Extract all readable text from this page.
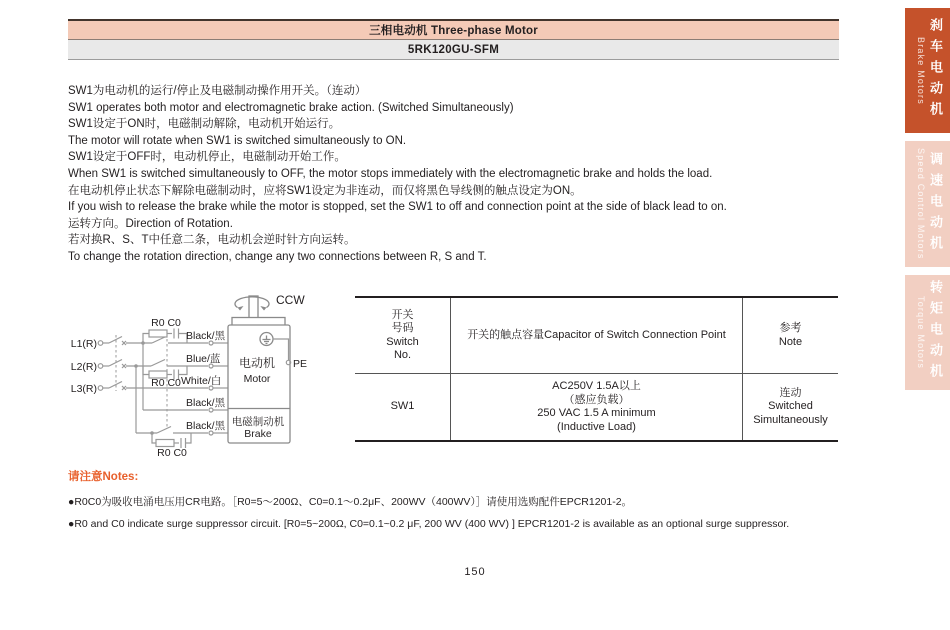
三相电动机 Three-phase Motor
5RK120GU-SFM
SW1为电动机的运行/停止及电磁制动操作用开关。（连动）
SW1 operates both motor and electromagnetic brake action. (Switched Simultaneously)
SW1设定于ON时，电磁制动解除，电动机开始运行。
The motor will rotate when SW1 is switched simultaneously to ON.
SW1设定于OFF时，电动机停止，电磁制动开始工作。
When SW1 is switched simultaneously to OFF, the motor stops immediately with the electromagnetic brake and holds the load.
在电动机停止状态下解除电磁制动时，应将SW1设定为非连动，而仅将黑色导线侧的触点设定为ON。
If you wish to release the brake while the motor is stopped, set the SW1 to off and connection point at the side of black lead to on.
运转方向。Direction of Rotation.
若对换R、S、T中任意二条，电动机会逆时针方向运转。
To change the rotation direction, change any two connections between R, S and T.
L1(R)
L2(R)
L3(R)
R0 C0
R0 C0
R0 C0
Black/黑
Blue/蓝
White/白
Black/黑
Black/黑
CCW
PE
电动机
Motor
电磁制动机
Brake
开关
号码
Switch
No.
开关的触点容量Capacitor of Switch Connection Point
参考
Note
SW1
AC250V 1.5A以上
（感应负载）
250 VAC 1.5 A minimum
(Inductive Load)
连动
Switched
Simultaneously
请注意Notes:
●R0C0为吸收电涌电压用CR电路。［R0=5～200Ω、C0=0.1～0.2μF、200WV（400WV）］请使用选购配件EPCR1201-2。
●R0 and C0 indicate surge suppressor circuit. [R0=5~200Ω, C0=0.1~0.2 μF, 200 WV (400 WV) ] EPCR1201-2 is available as an optional surge suppressor.
150
刹车电动机
Brake Motors
调速电动机
Speed Control Motors
转矩电动机
Torque Motors
